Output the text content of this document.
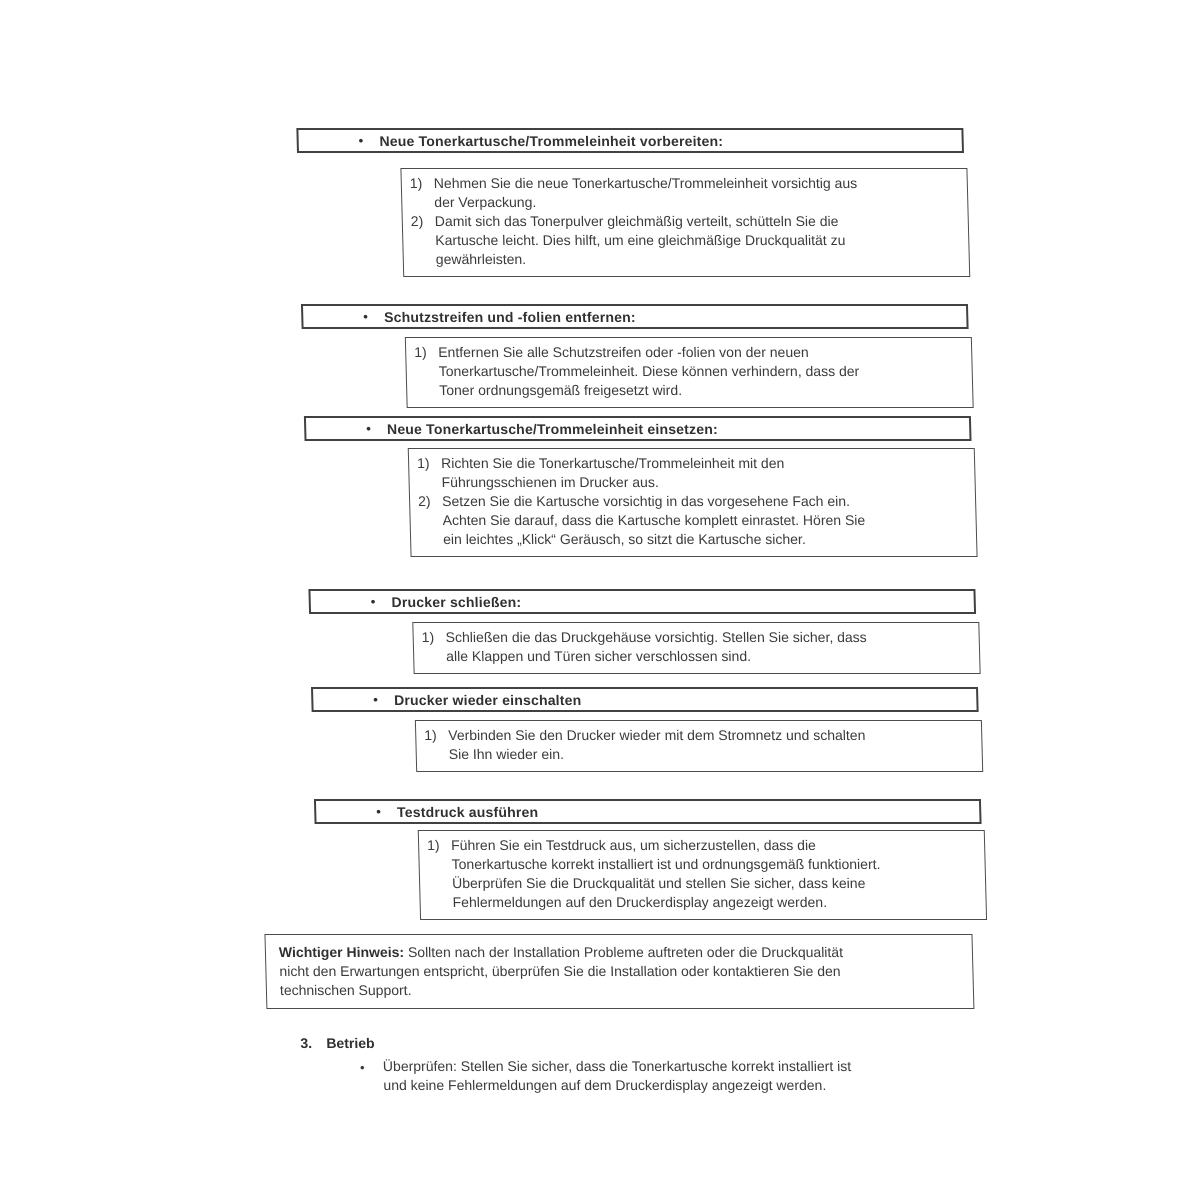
• Neue Tonerkartusche/Trommeleinheit vorbereiten:
1) Nehmen Sie die neue Tonerkartusche/Trommeleinheit vorsichtig aus
der Verpackung.
2) Damit sich das Tonerpulver gleichmäßig verteilt, schütteln Sie die
Kartusche leicht. Dies hilft, um eine gleichmäßige Druckqualität zu
gewährleisten.
• Schutzstreifen und -folien entfernen:
1) Entfernen Sie alle Schutzstreifen oder -folien von der neuen
Tonerkartusche/Trommeleinheit. Diese können verhindern, dass der
Toner ordnungsgemäß freigesetzt wird.
• Neue Tonerkartusche/Trommeleinheit einsetzen:
1) Richten Sie die Tonerkartusche/Trommeleinheit mit den
Führungsschienen im Drucker aus.
2) Setzen Sie die Kartusche vorsichtig in das vorgesehene Fach ein.
Achten Sie darauf, dass die Kartusche komplett einrastet. Hören Sie
ein leichtes „Klick“ Geräusch, so sitzt die Kartusche sicher.
• Drucker schließen:
1) Schließen die das Druckgehäuse vorsichtig. Stellen Sie sicher, dass
alle Klappen und Türen sicher verschlossen sind.
• Drucker wieder einschalten
1) Verbinden Sie den Drucker wieder mit dem Stromnetz und schalten
Sie Ihn wieder ein.
• Testdruck ausführen
1) Führen Sie ein Testdruck aus, um sicherzustellen, dass die
Tonerkartusche korrekt installiert ist und ordnungsgemäß funktioniert.
Überprüfen Sie die Druckqualität und stellen Sie sicher, dass keine
Fehlermeldungen auf den Druckerdisplay angezeigt werden.
Wichtiger Hinweis: Sollten nach der Installation Probleme auftreten oder die Druckqualität
nicht den Erwartungen entspricht, überprüfen Sie die Installation oder kontaktieren Sie den
technischen Support.
3. Betrieb
•	Überprüfen: Stellen Sie sicher, dass die Tonerkartusche korrekt installiert ist
und keine Fehlermeldungen auf dem Druckerdisplay angezeigt werden.
